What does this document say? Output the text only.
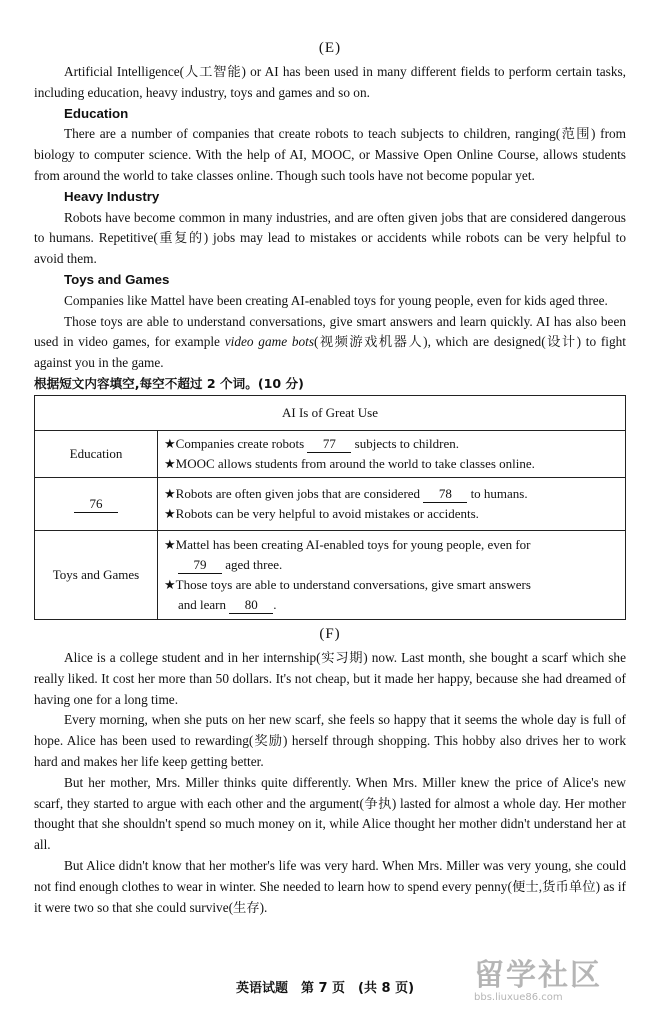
(E)

Artificial Intelligence(人工智能) or AI has been used in many different fields to perform certain tasks, including education, heavy industry, toys and games and so on.

Education

There are a number of companies that create robots to teach subjects to children, ranging(范围) from biology to computer science. With the help of AI, MOOC, or Massive Open Online Course, allows students from around the world to take classes online. Though such tools have not become popular yet.

Heavy Industry

Robots have become common in many industries, and are often given jobs that are considered dangerous to humans. Repetitive(重复的) jobs may lead to mistakes or accidents while robots can be very helpful to avoid them.

Toys and Games

Companies like Mattel have been creating AI-enabled toys for young people, even for kids aged three.

Those toys are able to understand conversations, give smart answers and learn quickly. AI has also been used in video games, for example video game bots(视频游戏机器人), which are designed(设计) to fight against you in the game.

根据短文内容填空,每空不超过 2 个词。(10 分)

AI Is of Great Use	
Education	★Companies create robots 77 subjects to children.
★MOOC allows students from around the world to take classes online.

76	★Robots are often given jobs that are considered 78 to humans.
★Robots can be very helpful to avoid mistakes or accidents.

Toys and Games	★Mattel has been creating AI-enabled toys for young people, even for
79 aged three.
★Those toys are able to understand conversations, give smart answers
and learn 80 .
(F)

Alice is a college student and in her internship(实习期) now. Last month, she bought a scarf which she really liked. It cost her more than 50 dollars. It's not cheap, but it made her happy, because she had dreamed of having one for a long time.

Every morning, when she puts on her new scarf, she feels so happy that it seems the whole day is full of hope. Alice has been used to rewarding(奖励) herself through shopping. This hobby also drives her to work hard and makes her life keep getting better.

But her mother, Mrs. Miller thinks quite differently. When Mrs. Miller knew the price of Alice's new scarf, they started to argue with each other and the argument(争执) lasted for almost a whole day. Her mother thought that she shouldn't spend so much money on it, while Alice thought her mother didn't understand her at all.

But Alice didn't know that her mother's life was very hard. When Mrs. Miller was very young, she could not find enough clothes to wear in winter. She needed to learn how to spend every penny(便士,货币单位) as if it were two so that she could survive(生存).

英语试题　第 7 页　(共 8 页)	留学社区
bbs.liuxue86.com
